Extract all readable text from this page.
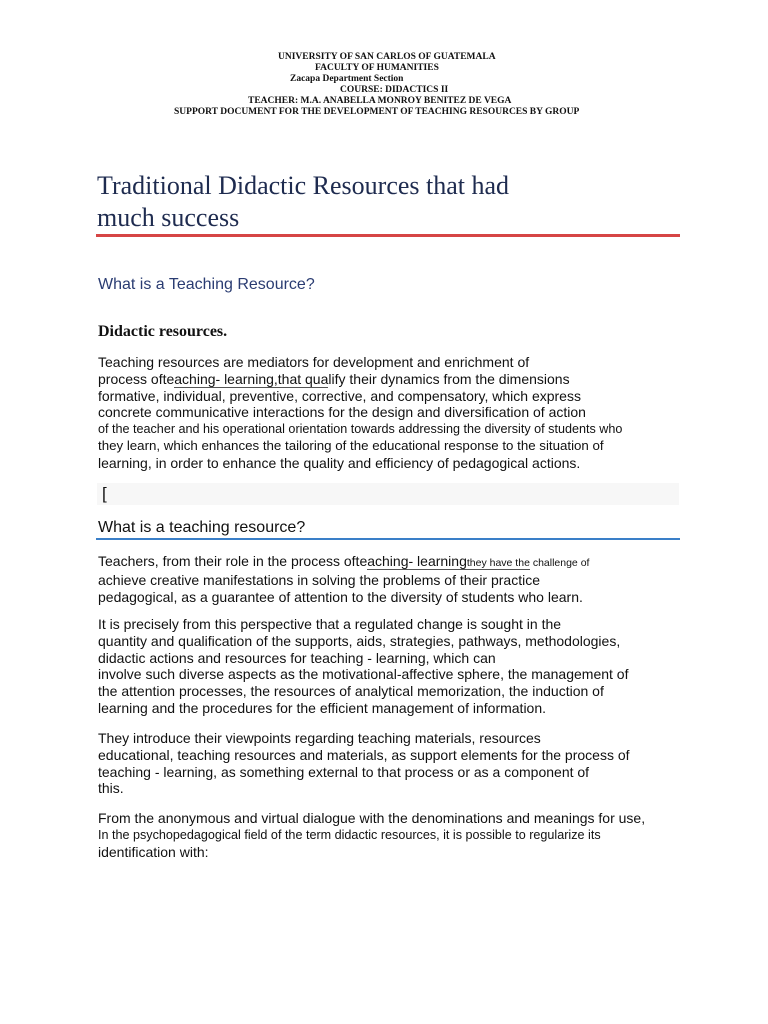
UNIVERSITY OF SAN CARLOS OF GUATEMALA
FACULTY OF HUMANITIES
Zacapa Department Section
COURSE: DIDACTICS II
TEACHER: M.A. ANABELLA MONROY BENITEZ DE VEGA
SUPPORT DOCUMENT FOR THE DEVELOPMENT OF TEACHING RESOURCES BY GROUP
Traditional Didactic Resources that had
much success
What is a Teaching Resource?
Didactic resources.
Teaching resources are mediators for development and enrichment of
process ofteaching- learning,that qualify their dynamics from the dimensions
formative, individual, preventive, corrective, and compensatory, which express
concrete communicative interactions for the design and diversification of action
of the teacher and his operational orientation towards addressing the diversity of students who
they learn, which enhances the tailoring of the educational response to the situation of
learning, in order to enhance the quality and efficiency of pedagogical actions.
[
What is a teaching resource?
Teachers, from their role in the process ofteaching- learningthey have the challenge of
achieve creative manifestations in solving the problems of their practice
pedagogical, as a guarantee of attention to the diversity of students who learn.
It is precisely from this perspective that a regulated change is sought in the
quantity and qualification of the supports, aids, strategies, pathways, methodologies,
didactic actions and resources for teaching - learning, which can
involve such diverse aspects as the motivational-affective sphere, the management of
the attention processes, the resources of analytical memorization, the induction of
learning and the procedures for the efficient management of information.
They introduce their viewpoints regarding teaching materials, resources
educational, teaching resources and materials, as support elements for the process of
teaching - learning, as something external to that process or as a component of
this.
From the anonymous and virtual dialogue with the denominations and meanings for use,
In the psychopedagogical field of the term didactic resources, it is possible to regularize its
identification with:
